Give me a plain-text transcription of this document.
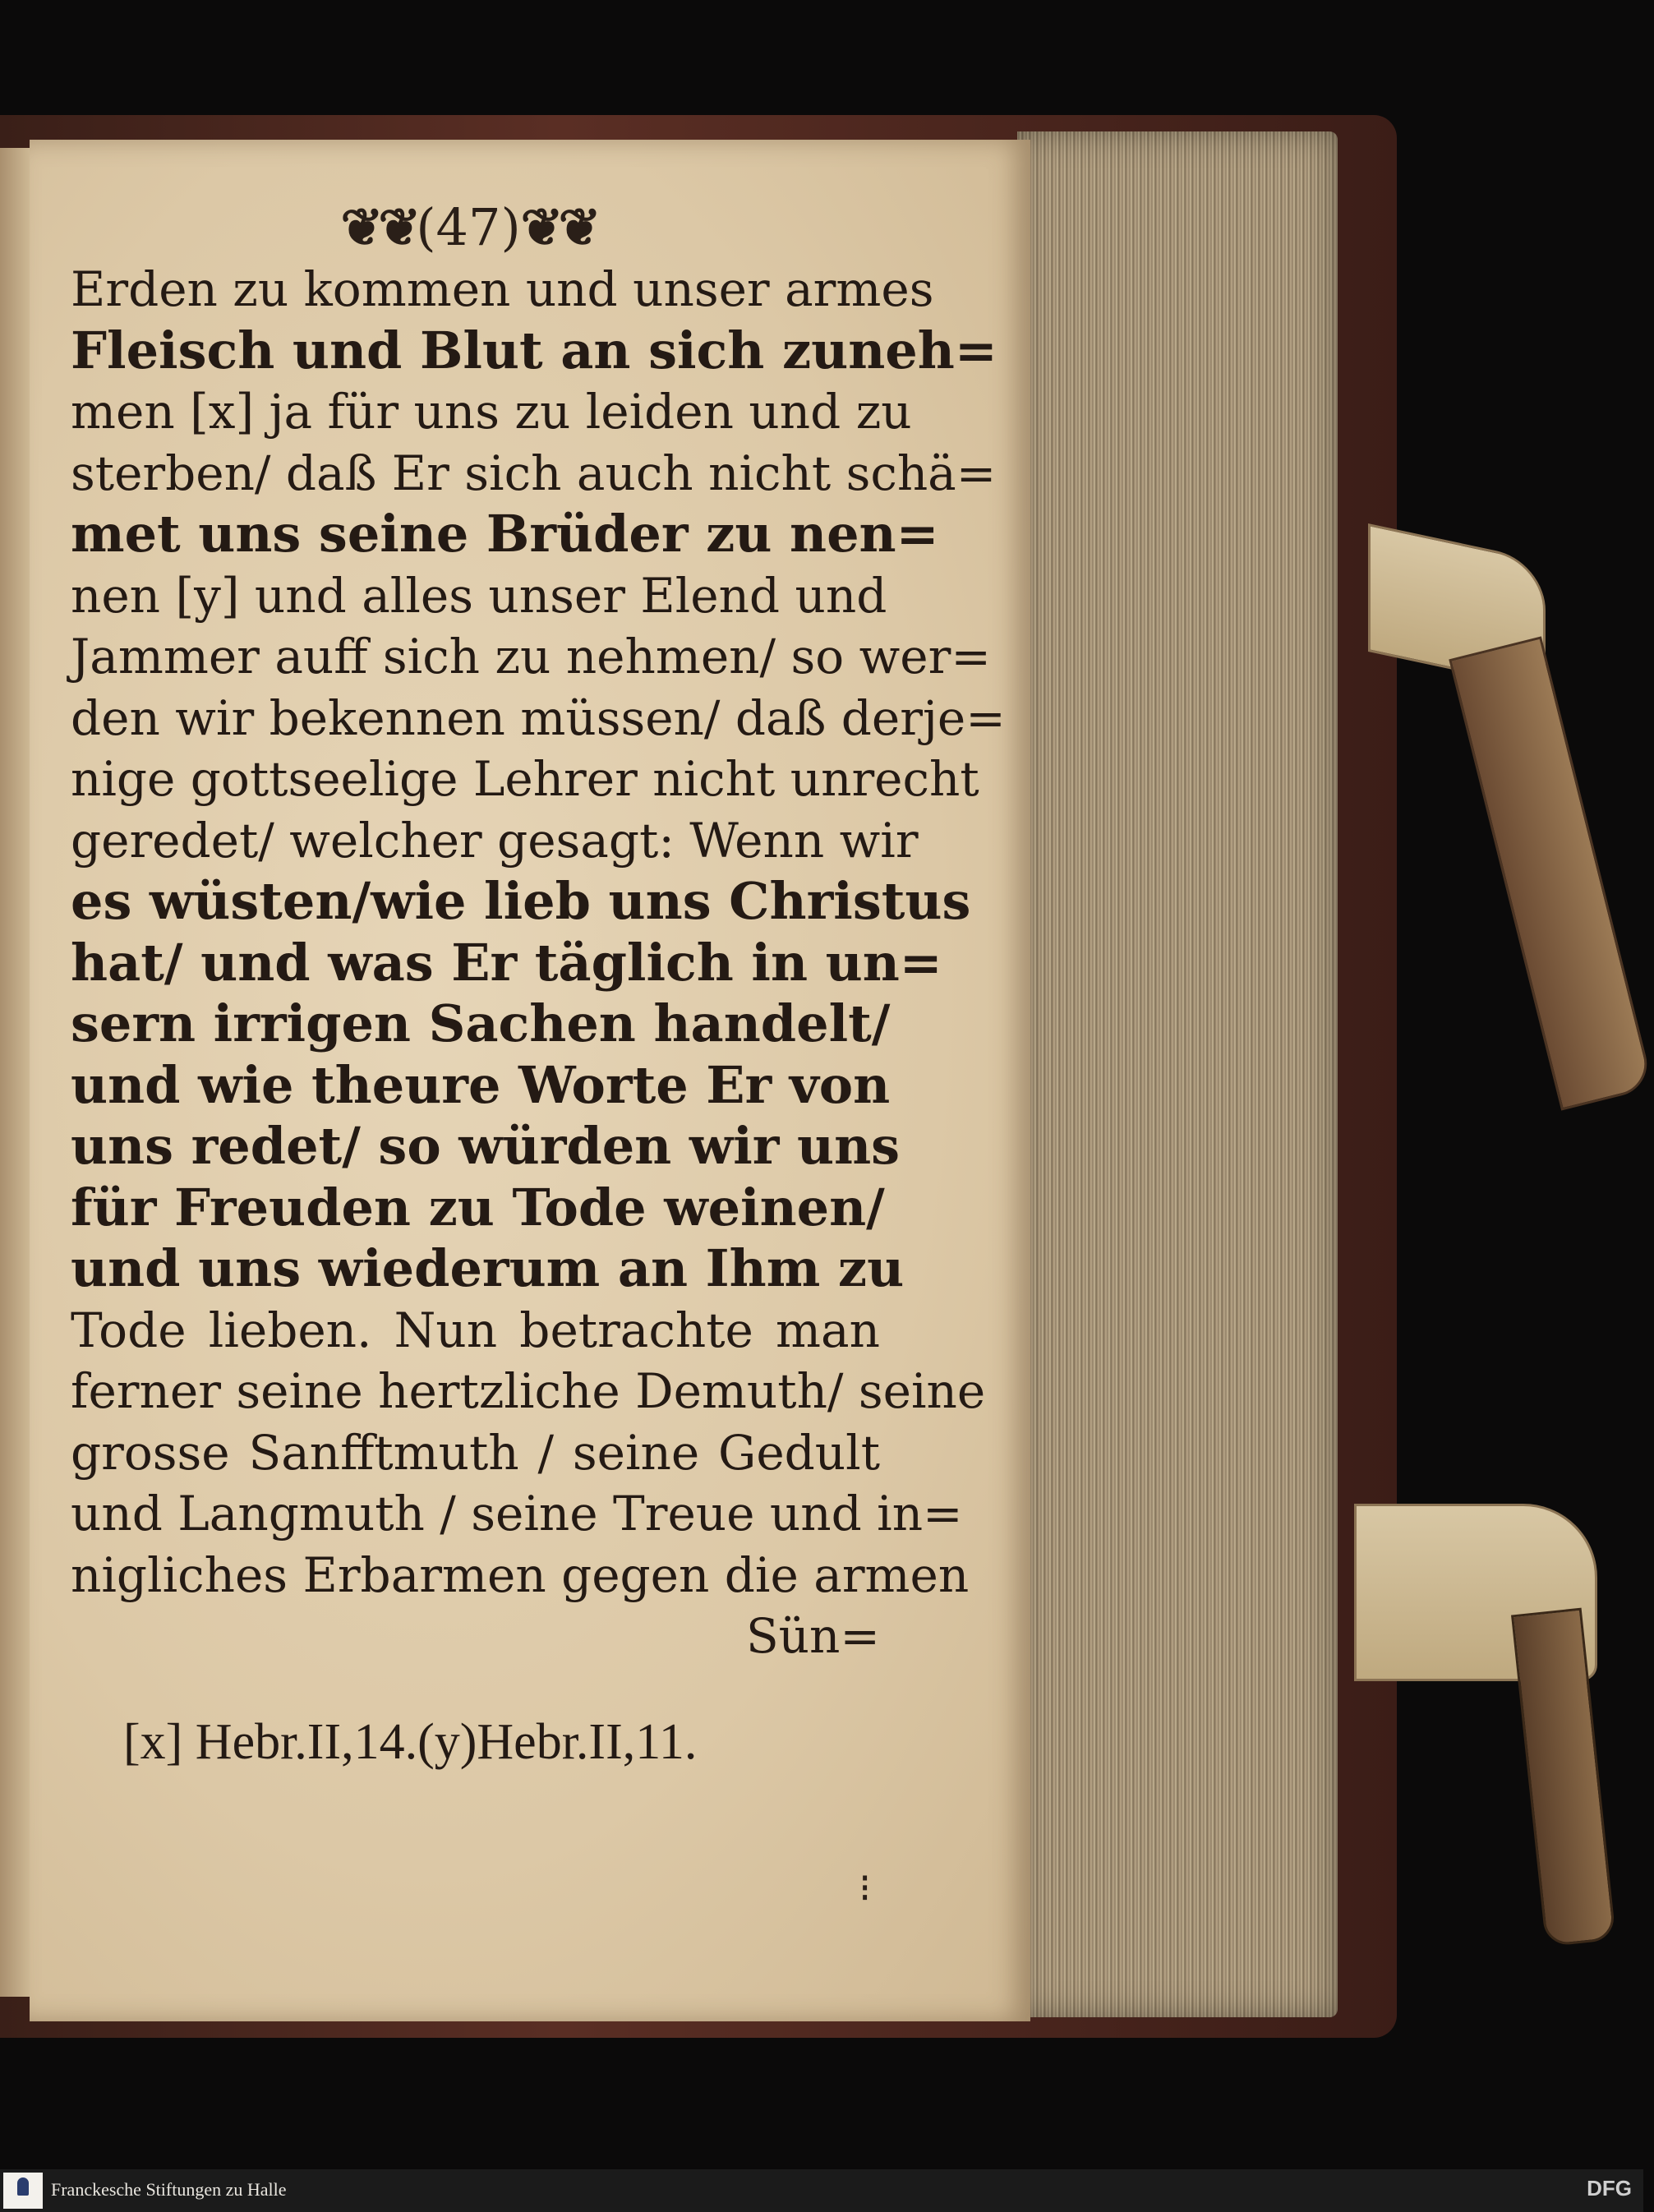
❦❦(47)❦❦
Erden zu kommen und unser armes
Fleisch und Blut an sich zuneh=
men [x] ja für uns zu leiden und zu
sterben/ daß Er sich auch nicht schä=
met uns seine Brüder zu nen=
nen [y] und alles unser Elend und
Jammer auff sich zu nehmen/ so wer=
den wir bekennen müssen/ daß derje=
nige gottseelige Lehrer nicht unrecht
geredet/ welcher gesagt: Wenn wir
es wüsten/wie lieb uns Christus
hat/ und was Er täglich in un=
sern irrigen Sachen handelt/
und wie theure Worte Er von
uns redet/ so würden wir uns
für Freuden zu Tode weinen/
und uns wiederum an Ihm zu
Tode lieben. Nun betrachte man
ferner seine hertzliche Demuth/ seine
grosse Sanfftmuth / seine Gedult
und Langmuth / seine Treue und in=
nigliches Erbarmen gegen die armen
Sün=
[x] Hebr.II,14.(y)Hebr.II,11.
⁝
Franckesche Stiftungen zu Halle	DFG
